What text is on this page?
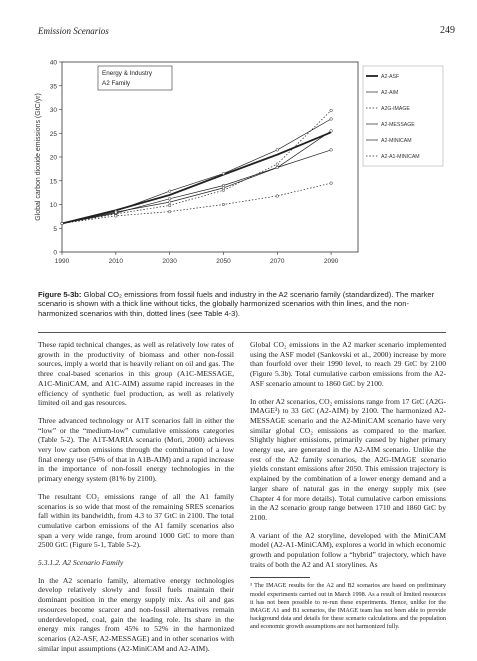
Emission Scenarios	249
0
5
10
15
20
25
30
35
40
1990	2010	2030	2050	2070	2090
A2-ASF
A2-AIM
A2G-IMAGE
A2-MESSAGE
A2-MINICAM
A2-A1-MINICAM
Energy & Industry
A2 Family
Global carbon dioxide emissions (GtC/yr)
Figure 5-3b: Global CO₂ emissions from fossil fuels and industry in the A2 scenario family (standardized). The marker scenario is shown with a thick line without ticks, the globally harmonized scenarios with thin lines, and the non-harmonized scenarios with thin, dotted lines (see Table 4-3).

These rapid technical changes, as well as relatively low rates of growth in the productivity of biomass and other non-fossil sources, imply a world that is heavily reliant on oil and gas. The three coal-based scenarios in this group (A1C-MESSAGE, A1C-MiniCAM, and A1C-AIM) assume rapid increases in the efficiency of synthetic fuel production, as well as relatively limited oil and gas resources.

Three advanced technology or A1T scenarios fall in either the “low” or the “medium-low” cumulative emissions categories (Table 5-2). The A1T-MARIA scenario (Mori, 2000) achieves very low carbon emissions through the combination of a low final energy use (54% of that in A1B-AIM) and a rapid increase in the importance of non-fossil energy technologies in the primary energy system (81% by 2100).

The resultant CO₂ emissions range of all the A1 family scenarios is so wide that most of the remaining SRES scenarios fall within its bandwidth, from 4.3 to 37 GtC in 2100. The total cumulative carbon emissions of the A1 family scenarios also span a very wide range, from around 1000 GtC to more than 2500 GtC (Figure 5-1, Table 5-2).

5.3.1.2. A2 Scenario Family

In the A2 scenario family, alternative energy technologies develop relatively slowly and fossil fuels maintain their dominant position in the energy supply mix. As oil and gas resources become scarcer and non-fossil alternatives remain underdeveloped, coal, gain the leading role. Its share in the energy mix ranges from 45% to 52% in the harmonized scenarios (A2-ASF, A2-MESSAGE) and in other scenarios with similar input assumptions (A2-MiniCAM and A2-AIM).

Global CO₂ emissions in the A2 marker scenario implemented using the ASF model (Sankovski et al., 2000) increase by more than fourfold over their 1990 level, to reach 29 GtC by 2100 (Figure 5.3b). Total cumulative carbon emissions from the A2-ASF scenario amount to 1860 GtC by 2100.

In other A2 scenarios, CO₂ emissions range from 17 GtC (A2G-IMAGE³) to 33 GtC (A2-AIM) by 2100. The harmonized A2-MESSAGE scenario and the A2-MiniCAM scenario have very similar global CO₂ emissions as compared to the marker. Slightly higher emissions, primarily caused by higher primary energy use, are generated in the A2-AIM scenario. Unlike the rest of the A2 family scenarios, the A2G-IMAGE scenario yields constant emissions after 2050. This emission trajectory is explained by the combination of a lower energy demand and a larger share of natural gas in the energy supply mix (see Chapter 4 for more details). Total cumulative carbon emissions in the A2 scenario group range between 1710 and 1860 GtC by 2100.

A variant of the A2 storyline, developed with the MiniCAM model (A2-A1-MiniCAM), explores a world in which economic growth and population follow a “hybrid” trajectory, which have traits of both the A2 and A1 storylines. As

³ The IMAGE results for the A2 and B2 scenarios are based on preliminary model experiments carried out in March 1998. As a result of limited resources it has not been possible to re-run these experiments. Hence, unlike for the IMAGE A1 and B1 scenarios, the IMAGE team has not been able to provide background data and details for these scenario calculations and the population and economic growth assumptions are not harmonized fully.
